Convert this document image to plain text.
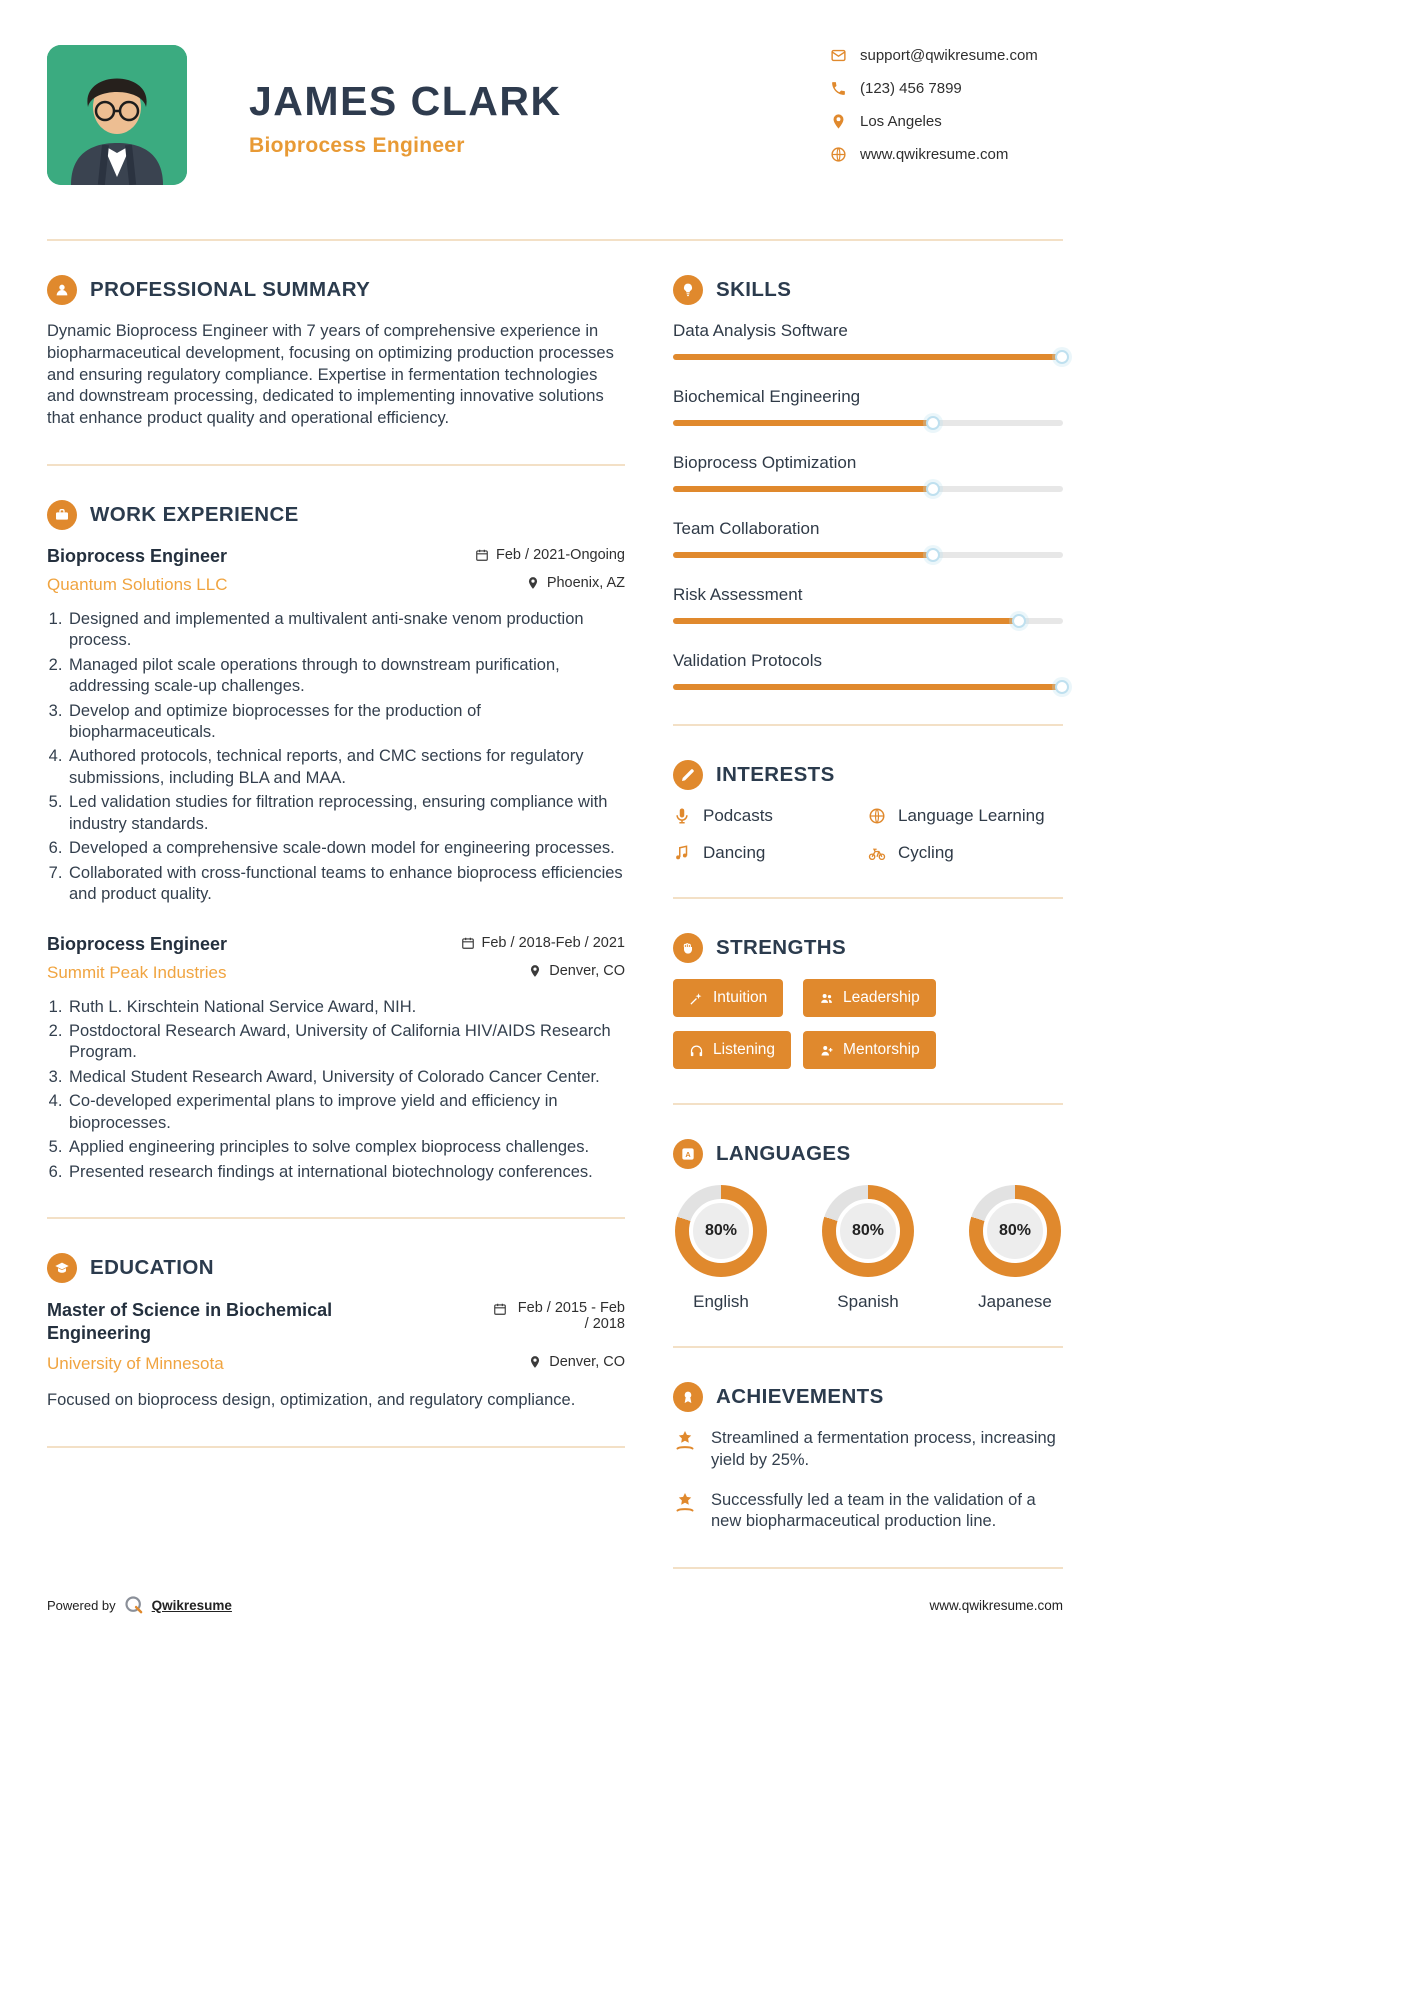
JAMES CLARK
Bioprocess Engineer
support@qwikresume.com
(123) 456 7899
Los Angeles
www.qwikresume.com
PROFESSIONAL SUMMARY
Dynamic Bioprocess Engineer with 7 years of comprehensive experience in biopharmaceutical development, focusing on optimizing production processes and ensuring regulatory compliance. Expertise in fermentation technologies and downstream processing, dedicated to implementing innovative solutions that enhance product quality and operational efficiency.
WORK EXPERIENCE
Bioprocess Engineer	Feb / 2021-Ongoing
Quantum Solutions LLC	Phoenix, AZ
1. Designed and implemented a multivalent anti-snake venom production process.
2. Managed pilot scale operations through to downstream purification, addressing scale-up challenges.
3. Develop and optimize bioprocesses for the production of biopharmaceuticals.
4. Authored protocols, technical reports, and CMC sections for regulatory submissions, including BLA and MAA.
5. Led validation studies for filtration reprocessing, ensuring compliance with industry standards.
6. Developed a comprehensive scale-down model for engineering processes.
7. Collaborated with cross-functional teams to enhance bioprocess efficiencies and product quality.
Bioprocess Engineer	Feb / 2018-Feb / 2021
Summit Peak Industries	Denver, CO
1. Ruth L. Kirschtein National Service Award, NIH.
2. Postdoctoral Research Award, University of California HIV/AIDS Research Program.
3. Medical Student Research Award, University of Colorado Cancer Center.
4. Co-developed experimental plans to improve yield and efficiency in bioprocesses.
5. Applied engineering principles to solve complex bioprocess challenges.
6. Presented research findings at international biotechnology conferences.
EDUCATION
Master of Science in Biochemical Engineering
Feb / 2015 - Feb / 2018
University of Minnesota	Denver, CO
Focused on bioprocess design, optimization, and regulatory compliance.
SKILLS
Data Analysis Software
Biochemical Engineering
Bioprocess Optimization
Team Collaboration
Risk Assessment
Validation Protocols
INTERESTS
Podcasts	Language Learning
Dancing	Cycling
STRENGTHS
Intuition	Leadership
Listening	Mentorship
A LANGUAGES
80%
English
80%
Spanish
80%
Japanese
ACHIEVEMENTS
Streamlined a fermentation process, increasing yield by 25%.
Successfully led a team in the validation of a new biopharmaceutical production line.
Powered by	Qwikresume	www.qwikresume.com
